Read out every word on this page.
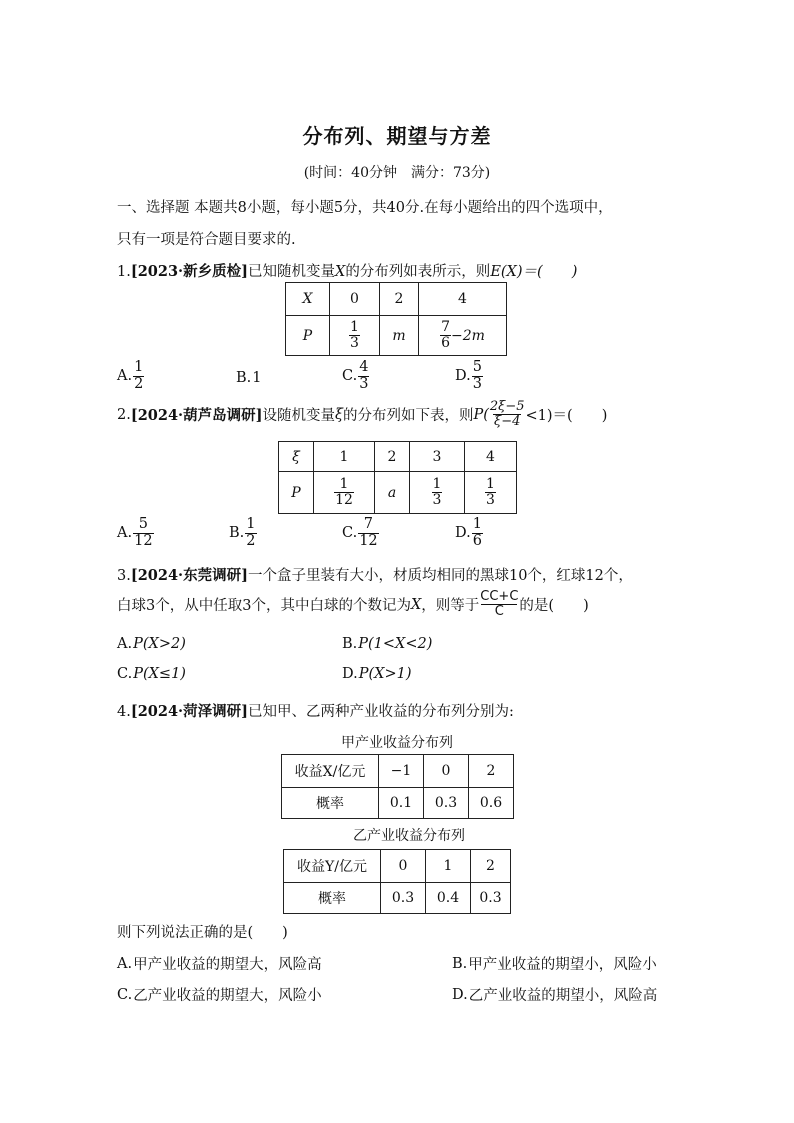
分布列、期望与方差
(时间：40分钟　满分：73分)
一、选择题 本题共8小题，每小题5分，共40分.在每小题给出的四个选项中，
只有一项是符合题目要求的.
1.[2023·新乡质检]已知随机变量X的分布列如表所示，则E(X)＝(　　)
X	0	2	4
P	$\frac{1}{3}$	m	$\frac{7}{6} -2m$
A. $\frac{1}{2}$	B. 1	C. $\frac{4}{3}$	D. $\frac{5}{3}$
2. [2024·葫芦岛调研] 设随机变量 ξ 的分布列如下表，则 $P( \frac{2\xi-5}{\xi-4} <1)=$(　　)
ξ	1	2	3	4
P	$\frac{1}{12}$	a	$\frac{1}{3}$	$\frac{1}{3}$
A. $\frac{5}{12}$	B. $\frac{1}{2}$	C. $\frac{7}{12}$	D. $\frac{1}{6}$
3.[2024·东莞调研]一个盒子里装有大小，材质均相同的黑球10个，红球12个，
白球3个，从中任取3个，其中白球的个数记为 X ，则等于 $\frac{CC+C}{C}$ 的是(　　)
A. P(X>2)	B. P(1<X<2)
C. P(X≤1)	D. P(X>1)
4.[2024·菏泽调研]已知甲、乙两种产业收益的分布列分别为:
甲产业收益分布列
收益X/亿元	−1	0	2
概率	0.1	0.3	0.6
乙产业收益分布列
收益Y/亿元	0	1	2
概率	0.3	0.4	0.3
则下列说法正确的是(　　)
A. 甲产业收益的期望大，风险高	B. 甲产业收益的期望小，风险小
C. 乙产业收益的期望大，风险小	D. 乙产业收益的期望小，风险高
